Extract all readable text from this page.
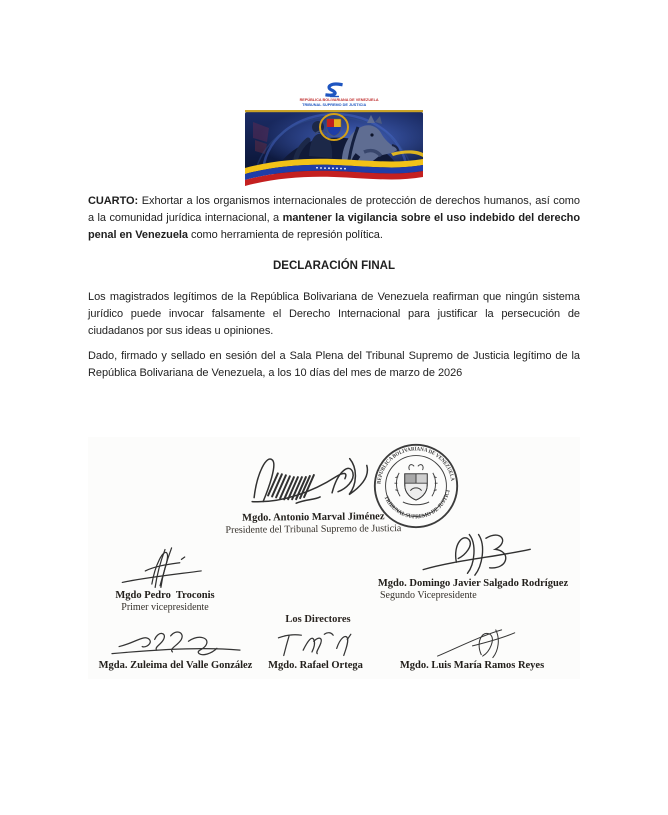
REPÚBLICA BOLIVARIANA DE VENEZUELA
TRIBUNAL SUPREMO DE JUSTICIA

CUARTO: Exhortar a los organismos internacionales de protección de derechos humanos, así como a la comunidad jurídica internacional, a mantener la vigilancia sobre el uso indebido del derecho penal en Venezuela como herramienta de represión política.

DECLARACIÓN FINAL

Los magistrados legítimos de la República Bolivariana de Venezuela reafirman que ningún sistema jurídico puede invocar falsamente el Derecho Internacional para justificar la persecución de ciudadanos por sus ideas u opiniones.

Dado, firmado y sellado en sesión del a Sala Plena del Tribunal Supremo de Justicia legítimo de la República Bolivariana de Venezuela, a los 10 días del mes de marzo de 2026

Mgdo. Antonio Marval Jiménez
Presidente del Tribunal Supremo de Justicia
REPÚBLICA BOLIVARIANA DE VENEZUELA
TRIBUNAL SUPREMO DE JUSTICIA
Mgdo Pedro  Troconis
Primer vicepresidente
Mgdo. Domingo Javier Salgado Rodríguez
Segundo Vicepresidente
Los Directores
Mgda. Zuleima del Valle González	Mgdo. Rafael Ortega	Mgdo. Luis María Ramos Reyes
